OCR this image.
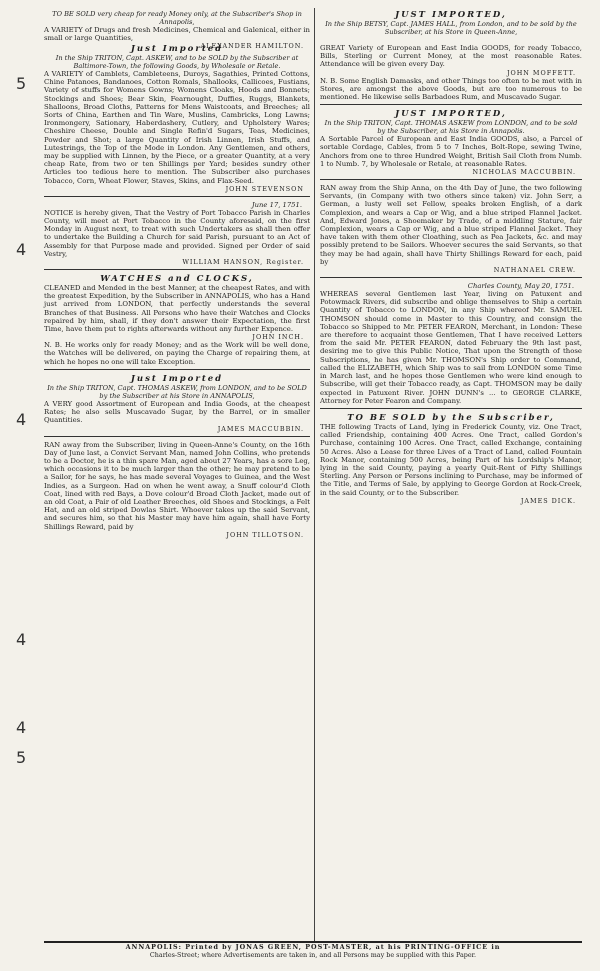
5
4
4
4
4
5
TO BE SOLD very cheap for ready Money only, at the Subscriber's Shop in Annapolis,

A VARIETY of Drugs and fresh Medicines, Chemical and Galenical, either in small or large Quantities,

ALEXANDER HAMILTON.
JUST IMPORTED,
In the Ship BETSY, Capt. JAMES HALL, from London, and to be sold by the Subscriber, at his Store in Queen-Anne,
Just Imported
In the Ship TRITON, Capt. ASKEW, and to be SOLD by the Subscriber at Baltimore-Town, the following Goods, by Wholesale or Retale.

A VARIETY of Camblets, Cambleteens, Duroys, Sagathies, Printed Cottons, Chine Patanoes, Bandanoes, Cotton Romals, Shallooks, Callicoes, Fustians, Variety of stuffs for Womens Gowns; Womens Cloaks, Hoods and Bonnets; Stockings and Shoes; Bear Skin, Fearnought, Duffies, Ruggs, Blankets, Shalloons, Broad Cloths, Patterns for Mens Waistcoats, and Breeches; all Sorts of China, Earthen and Tin Ware, Muslins, Cambricks, Long Lawns; Ironmongery, Sationary, Haberdashery, Cutlery, and Upholstery Wares; Cheshire Cheese, Double and Single Refin'd Sugars, Teas, Medicines, Powder and Shot; a large Quantity of Irish Linnen, Irish Stuffs, and Lutestrings, the Top of the Mode in London. Any Gentlemen, and others, may be supplied with Linnen, by the Piece, or a greater Quantity, at a very cheap Rate, from two or ten Shillings per Yard; besides sundry other Articles too tedious here to mention. The Subscriber also purchases Tobacco, Corn, Wheat Flower, Staves, Skins, and Flax-Seed.

JOHN STEVENSON
June 17, 1751.

NOTICE is hereby given, That the Vestry of Port Tobacco Parish in Charles County, will meet at Port Tobacco in the County aforesaid, on the first Monday in August next, to treat with such Undertakers as shall then offer to undertake the Building a Church for said Parish, pursuant to an Act of Assembly for that Purpose made and provided. Signed per Order of said Vestry,

WILLIAM HANSON, Register.
WATCHES and CLOCKS,

CLEANED and Mended in the best Manner, at the cheapest Rates, and with the greatest Expedition, by the Subscriber in ANNAPOLIS, who has a Hand just arrived from LONDON, that perfectly understands the several Branches of that Business. All Persons who have their Watches and Clocks repaired by him, shall, if they don't answer their Expectation, the first Time, have them put to rights afterwards without any further Expence.

JOHN INCH.

N. B. He works only for ready Money; and as the Work will be well done, the Watches will be delivered, on paying the Charge of repairing them, at which he hopes no one will take Exception.

Just Imported
In the Ship TRITON, Capt. THOMAS ASKEW, from LONDON, and to be SOLD by the Subscriber at his Store in ANNAPOLIS,

A VERY good Assortment of European and India Goods, at the cheapest Rates; he also sells Muscavado Sugar, by the Barrel, or in smaller Quantities.

JAMES MACCUBBIN.

RAN away from the Subscriber, living in Queen-Anne's County, on the 16th Day of June last, a Convict Servant Man, named John Collins, who pretends to be a Doctor, he is a thin spare Man, aged about 27 Years, has a sore Leg, which occasions it to be much larger than the other; he may pretend to be a Sailor, for he says, he has made several Voyages to Guinea, and the West Indies, as a Surgeon. Had on when he went away, a Snuff colour'd Cloth Coat, lined with red Bays, a Dove colour'd Broad Cloth Jacket, made out of an old Coat, a Pair of old Leather Breeches, old Shoes and Stockings, a Felt Hat, and an old striped Dowlas Shirt. Whoever takes up the said Servant, and secures him, so that his Master may have him again, shall have Forty Shillings Reward, paid by

JOHN TILLOTSON.

GREAT Variety of European and East India GOODS, for ready Tobacco, Bills, Sterling or Current Money, at the most reasonable Rates. Attendance will be given every Day.

JOHN MOFFETT.

N. B. Some English Damasks, and other Things too often to be met with in Stores, are amongst the above Goods, but are too numerous to be mentioned. He likewise sells Barbadoes Rum, and Muscavado Sugar.

JUST IMPORTED,
In the Ship TRITON, Capt. THOMAS ASKEW from LONDON, and to be sold by the Subscriber, at his Store in Annapolis.

A Sortable Parcel of European and East India GOODS, also, a Parcel of sortable Cordage, Cables, from 5 to 7 Inches, Bolt-Rope, sewing Twine, Anchors from one to three Hundred Weight, British Sail Cloth from Numb. 1 to Numb. 7, by Wholesale or Retale, at reasonable Rates.

NICHOLAS MACCUBBIN.

RAN away from the Ship Anna, on the 4th Day of June, the two following Servants, (in Company with two others since taken) viz. John Serr, a German, a lusty well set Fellow, speaks broken English, of a dark Complexion, and wears a Cap or Wig, and a blue striped Flannel Jacket. And, Edward Jones, a Shoemaker by Trade, of a middling Stature, fair Complexion, wears a Cap or Wig, and a blue striped Flannel Jacket. They have taken with them other Cloathing, such as Pea Jackets, &c. and may possibly pretend to be Sailors. Whoever secures the said Servants, so that they may be had again, shall have Thirty Shillings Reward for each, paid by

NATHANAEL CREW.
Charles County, May 20, 1751.

WHEREAS several Gentlemen last Year, living on Patuxent and Potowmack Rivers, did subscribe and oblige themselves to Ship a certain Quantity of Tobacco to LONDON, in any Ship whereof Mr. SAMUEL THOMSON should come in Master to this Country, and consign the Tobacco so Shipped to Mr. PETER FEARON, Merchant, in London: These are therefore to acquaint those Gentlemen, That I have received Letters from the said Mr. PETER FEARON, dated February the 9th last past, desiring me to give this Public Notice, That upon the Strength of those Subscriptions, he has given Mr. THOMSON's Ship order to Command, called the ELIZABETH, which Ship was to sail from LONDON some Time in March last, and he hopes those Gentlemen who were kind enough to Subscribe, will get their Tobacco ready, as Capt. THOMSON may be daily expected in Patuxent River. JOHN DUNN's ... to GEORGE CLARKE, Attorney for Peter Fearon and Company.

TO BE SOLD by the Subscriber,

THE following Tracts of Land, lying in Frederick County, viz. One Tract, called Friendship, containing 400 Acres. One Tract, called Gordon's Purchase, containing 100 Acres. One Tract, called Exchange, containing 50 Acres. Also a Lease for three Lives of a Tract of Land, called Fountain Rock Manor, containing 500 Acres, being Part of his Lordship's Manor, lying in the said County, paying a yearly Quit-Rent of Fifty Shillings Sterling. Any Person or Persons inclining to Purchase, may be informed of the Title, and Terms of Sale, by applying to George Gordon at Rock-Creek, in the said County, or to the Subscriber.

JAMES DICK.
ANNAPOLIS: Printed by JONAS GREEN, POST-MASTER, at his PRINTING-OFFICE in
Charles-Street; where Advertisements are taken in, and all Persons may be supplied with this Paper.
